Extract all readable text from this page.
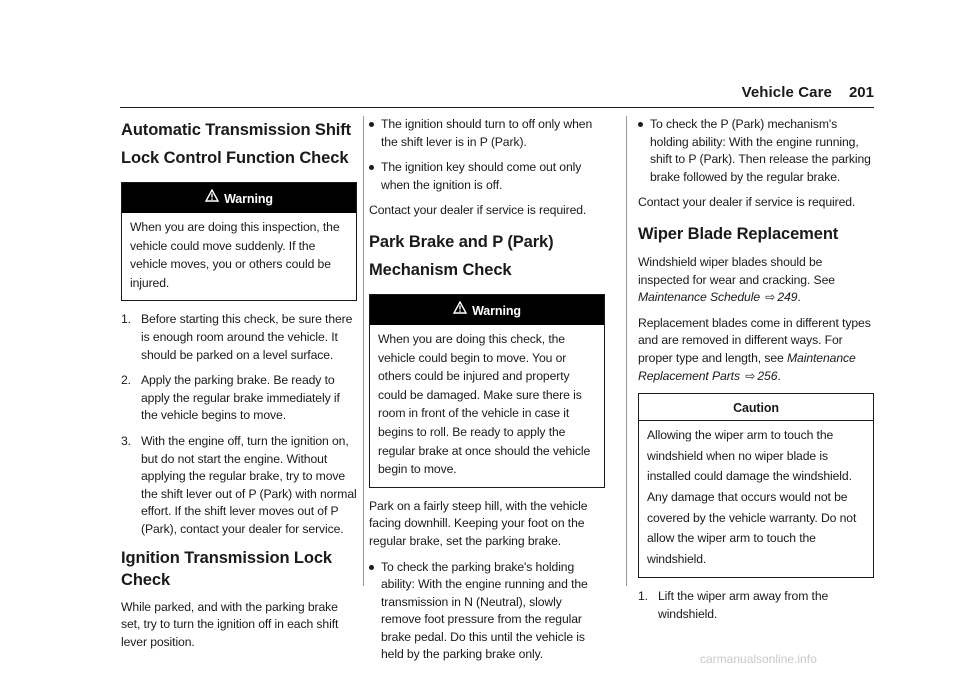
Vehicle Care 201
Automatic Transmission Shift Lock Control Function Check
Warning
When you are doing this inspection, the vehicle could move suddenly. If the vehicle moves, you or others could be injured.
1. Before starting this check, be sure there is enough room around the vehicle. It should be parked on a level surface.
2. Apply the parking brake. Be ready to apply the regular brake immediately if the vehicle begins to move.
3. With the engine off, turn the ignition on, but do not start the engine. Without applying the regular brake, try to move the shift lever out of P (Park) with normal effort. If the shift lever moves out of P (Park), contact your dealer for service.
Ignition Transmission Lock Check

While parked, and with the parking brake set, try to turn the ignition off in each shift lever position.

The ignition should turn to off only when the shift lever is in P (Park).
The ignition key should come out only when the ignition is off.

Contact your dealer if service is required.

Park Brake and P (Park) Mechanism Check
Warning
When you are doing this check, the vehicle could begin to move. You or others could be injured and property could be damaged. Make sure there is room in front of the vehicle in case it begins to roll. Be ready to apply the regular brake at once should the vehicle begin to move.

Park on a fairly steep hill, with the vehicle facing downhill. Keeping your foot on the regular brake, set the parking brake.

To check the parking brake's holding ability: With the engine running and the transmission in N (Neutral), slowly remove foot pressure from the regular brake pedal. Do this until the vehicle is held by the parking brake only.
To check the P (Park) mechanism's holding ability: With the engine running, shift to P (Park). Then release the parking brake followed by the regular brake.

Contact your dealer if service is required.

Wiper Blade Replacement

Windshield wiper blades should be inspected for wear and cracking. See Maintenance Schedule ⇨ 249.

Replacement blades come in different types and are removed in different ways. For proper type and length, see Maintenance Replacement Parts ⇨ 256.

Caution
Allowing the wiper arm to touch the windshield when no wiper blade is installed could damage the windshield. Any damage that occurs would not be covered by the vehicle warranty. Do not allow the wiper arm to touch the windshield.
1. Lift the wiper arm away from the windshield.
carmanualsonline.info
